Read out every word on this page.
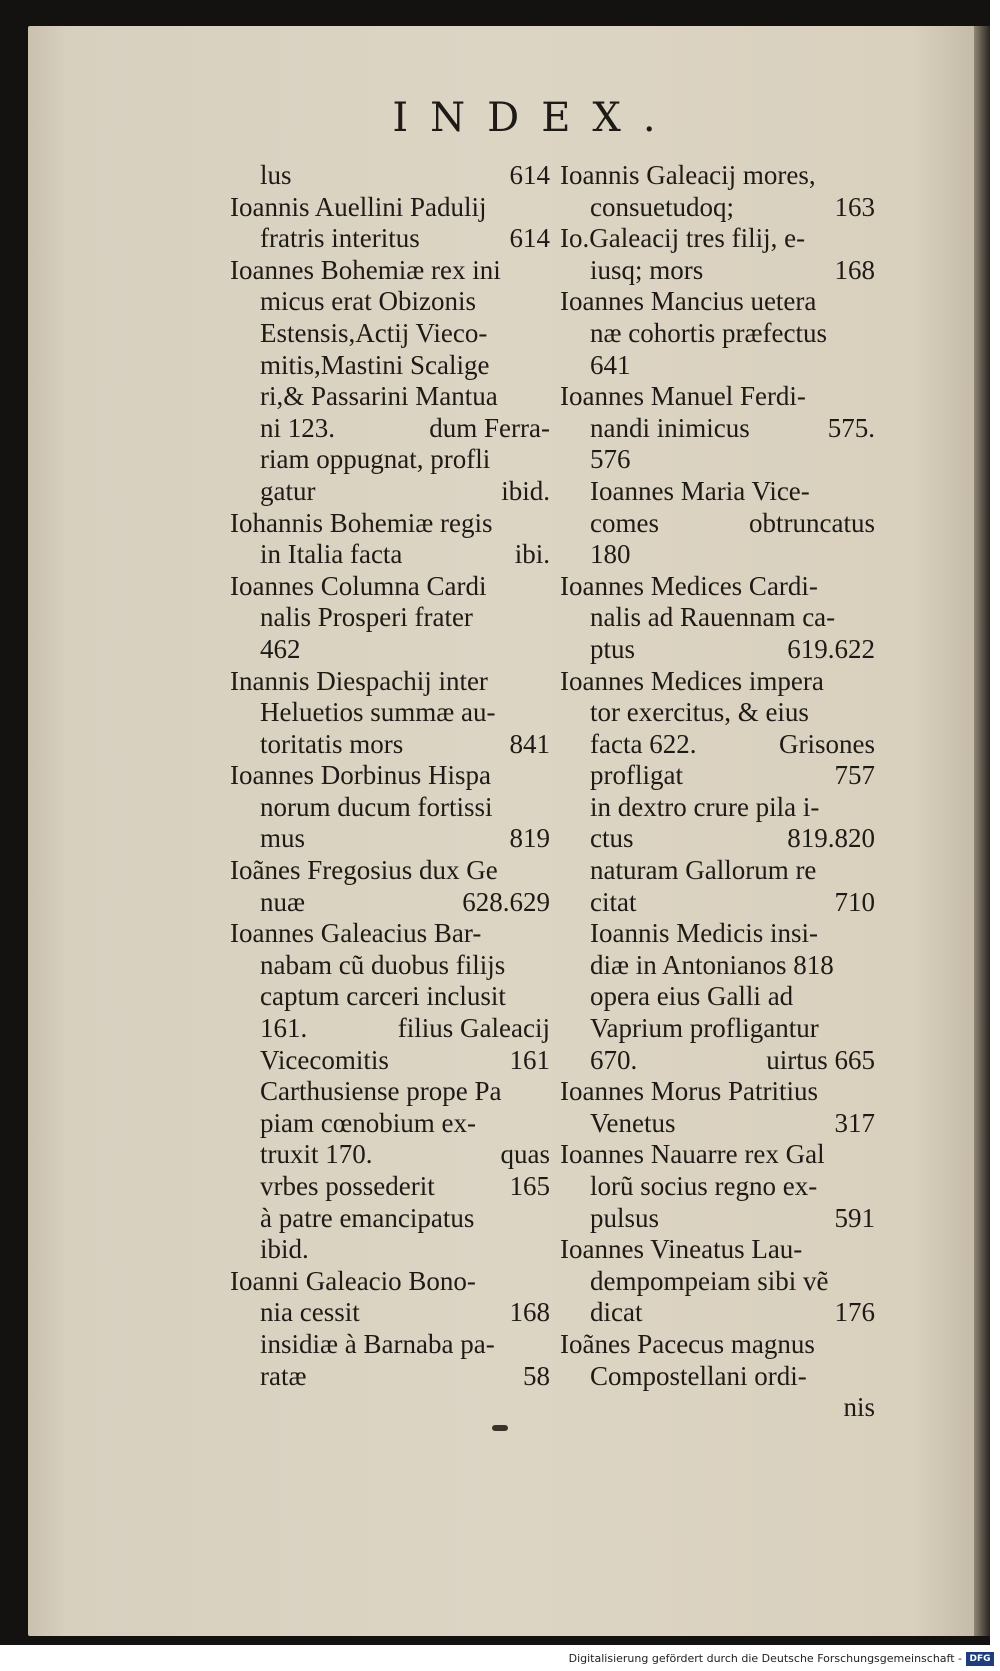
INDEX.
lus	614
Ioannis Auellini Padulij
fratris interitus	614
Ioannes Bohemiæ rex ini
micus erat Obizonis
Estensis,Actij Vieco-
mitis,Mastini Scalige
ri,& Passarini Mantua
ni 123.	dum Ferra-
riam oppugnat, profli
gatur	ibid.
Iohannis Bohemiæ regis
in Italia facta	ibi.
Ioannes Columna Cardi
nalis Prosperi frater
462
Inannis Diespachij inter
Heluetios summæ au-
toritatis mors	841
Ioannes Dorbinus Hispa
norum ducum fortissi
mus	819
Ioãnes Fregosius dux Ge
nuæ	628.629
Ioannes Galeacius Bar-
nabam cũ duobus filijs
captum carceri inclusit
161.	filius Galeacij
Vicecomitis	161
Carthusiense prope Pa
piam cœnobium ex-
truxit 170.	quas
vrbes possederit	165
à patre emancipatus
ibid.
Ioanni Galeacio Bono-
nia cessit	168
insidiæ à Barnaba pa-
ratæ	58
Ioannis Galeacij mores,
consuetudoq;	163
Io.Galeacij tres filij, e-
iusq; mors	168
Ioannes Mancius uetera
næ cohortis præfectus
641
Ioannes Manuel Ferdi-
nandi inimicus	575.
576
Ioannes Maria Vice-
comes	obtruncatus
180
Ioannes Medices Cardi-
nalis ad Rauennam ca-
ptus	619.622
Ioannes Medices impera
tor exercitus, & eius
facta 622.	Grisones
profligat	757
in dextro crure pila i-
ctus	819.820
naturam Gallorum re
citat	710
Ioannis Medicis insi-
diæ in Antonianos 818
opera eius Galli ad
Vaprium profligantur
670.	uirtus 665
Ioannes Morus Patritius
Venetus	317
Ioannes Nauarre rex Gal
lorũ socius regno ex-
pulsus	591
Ioannes Vineatus Lau-
dempompeiam sibi vẽ
dicat	176
Ioãnes Pacecus magnus
Compostellani ordi-
nis
Digitalisierung gefördert durch die Deutsche Forschungsgemeinschaft - DFG
